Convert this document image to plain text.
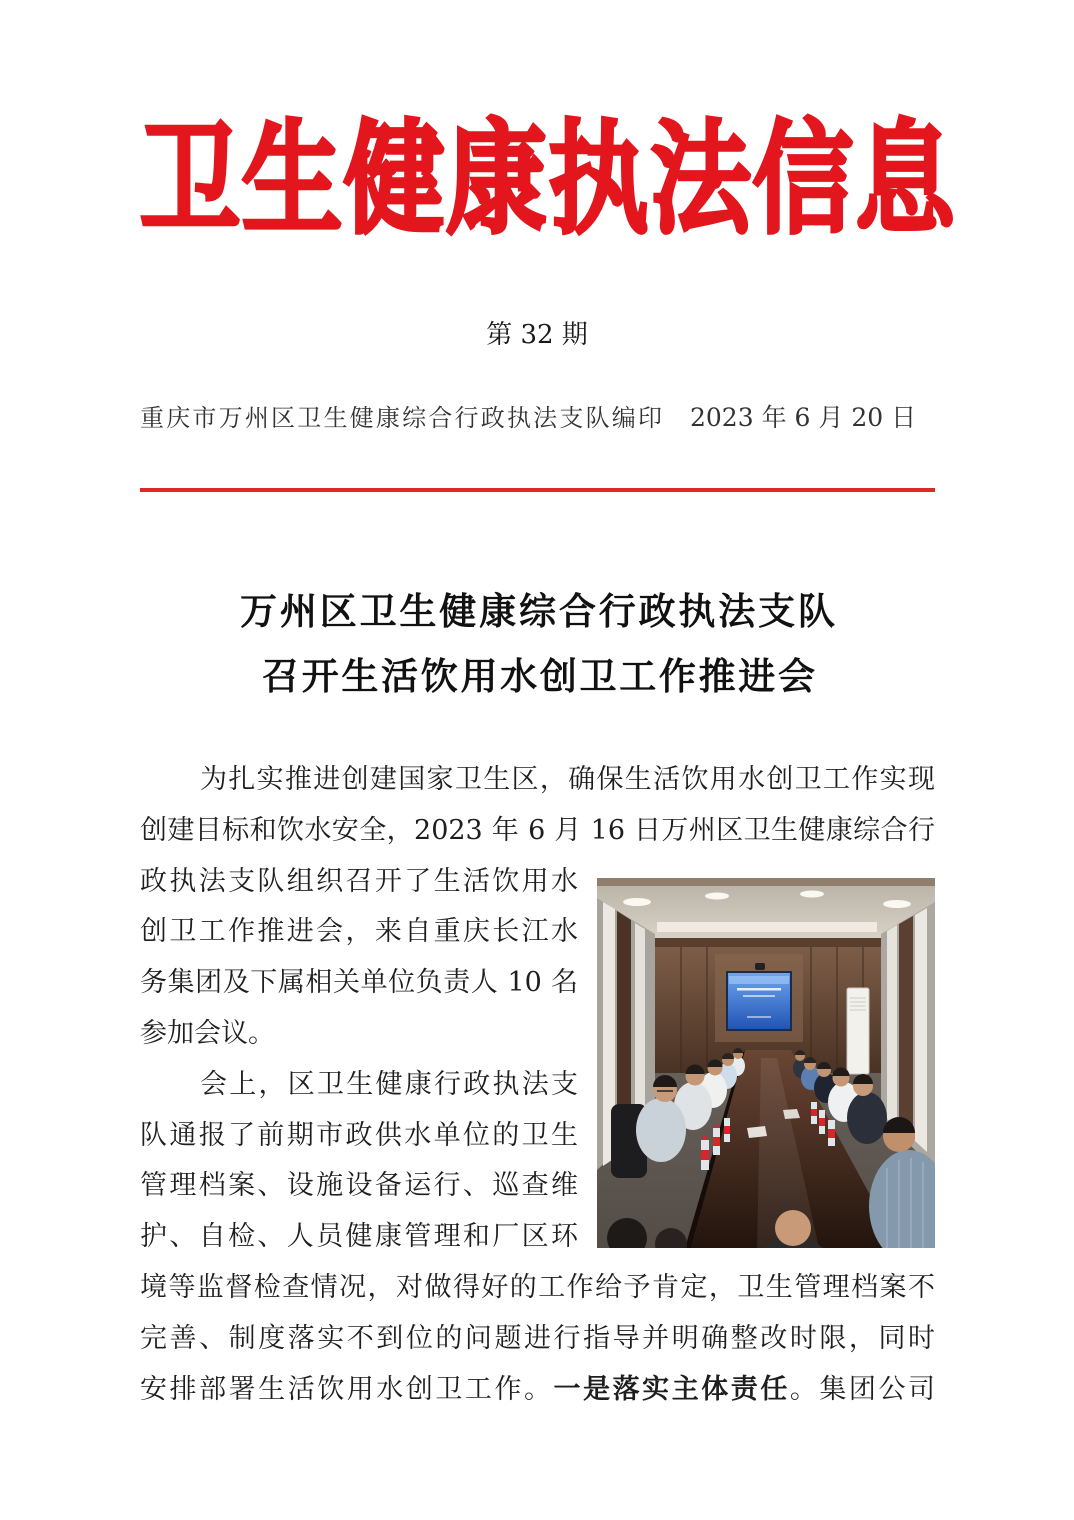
卫生健康执法信息
第 32 期
重庆市万州区卫生健康综合行政执法支队编印 2023 年 6 月 20 日
万州区卫生健康综合行政执法支队
召开生活饮用水创卫工作推进会
为扎实推进创建国家卫生区，确保生活饮用水创卫工作实现
创建目标和饮水安全，2023 年 6 月 16 日万州区卫生健康综合行
政执法支队组织召开了生活饮用水
创卫工作推进会，来自重庆长江水
务集团及下属相关单位负责人 10 名
参加会议。
会上，区卫生健康行政执法支
队通报了前期市政供水单位的卫生
管理档案、设施设备运行、巡查维
护、自检、人员健康管理和厂区环
境等监督检查情况，对做得好的工作给予肯定，卫生管理档案不
完善、制度落实不到位的问题进行指导并明确整改时限，同时
安排部署生活饮用水创卫工作。一是落实主体责任。集团公司
